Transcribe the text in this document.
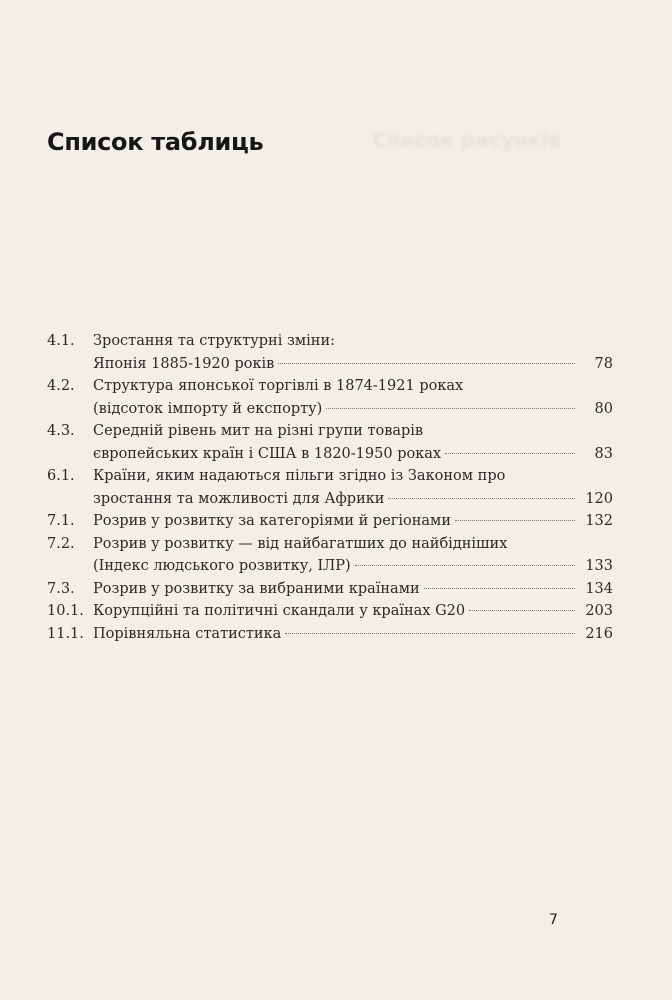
Список рисунків
Список таблиць
4.1.	Зростання та структурні зміни:
Японія 1885-1920 років	78
4.2.	Структура японської торгівлі в 1874-1921 роках
(відсоток імпорту й експорту)	80
4.3.	Середній рівень мит на різні групи товарів
європейських країн і США в 1820-1950 роках	83
6.1.	Країни, яким надаються пільги згідно із Законом про
зростання та можливості для Африки	120
7.1.	Розрив у розвитку за категоріями й регіонами	132
7.2.	Розрив у розвитку — від найбагатших до найбідніших
(Індекс людського розвитку, ІЛР)	133
7.3.	Розрив у розвитку за вибраними країнами	134
10.1. Корупційні та політичні скандали у країнах G20	203
11.1. Порівняльна статистика	216
7
